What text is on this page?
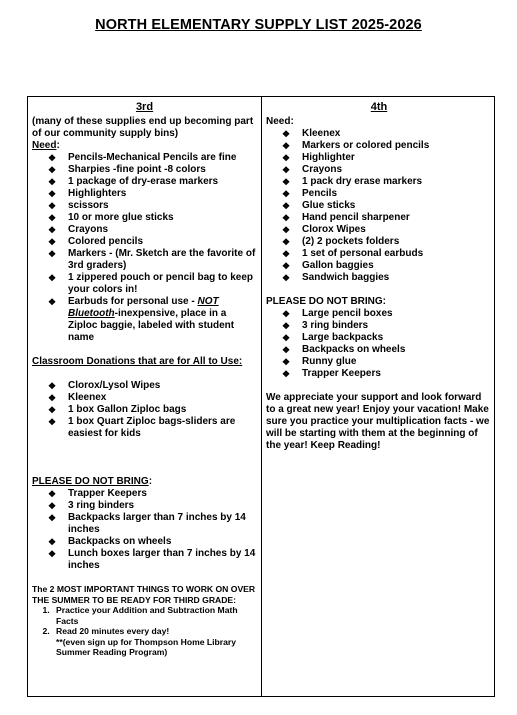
NORTH ELEMENTARY SUPPLY LIST 2025-2026
3rd
(many of these supplies end up becoming part of our community supply bins)
Need:
❖ Pencils-Mechanical Pencils are fine
❖ Sharpies -fine point -8 colors
❖ 1 package of dry-erase markers
❖ Highlighters
❖ scissors
❖ 10 or more glue sticks
❖ Crayons
❖ Colored pencils
❖ Markers - (Mr. Sketch are the favorite of 3rd graders)
❖ 1 zippered pouch or pencil bag to keep your colors in!
❖ Earbuds for personal use - NOT
Bluetooth-inexpensive, place in a Ziploc baggie, labeled with student name
Classroom Donations that are for All to Use:
❖ Clorox/Lysol Wipes
❖ Kleenex
❖ 1 box Gallon Ziploc bags
❖ 1 box Quart Ziploc bags-sliders are easiest for kids
PLEASE DO NOT BRING:
❖ Trapper Keepers
❖ 3 ring binders
❖ Backpacks larger than 7 inches by 14 inches
❖ Backpacks on wheels
❖ Lunch boxes larger than 7 inches by 14 inches
The 2 MOST IMPORTANT THINGS TO WORK ON OVER THE SUMMER TO BE READY FOR THIRD GRADE:
1. Practice your Addition and Subtraction Math Facts
2. Read 20 minutes every day!
**(even sign up for Thompson Home Library Summer Reading Program)
4th
Need:
❖ Kleenex
❖ Markers or colored pencils
❖ Highlighter
❖ Crayons
❖ 1 pack dry erase markers
❖ Pencils
❖ Glue sticks
❖ Hand pencil sharpener
❖ Clorox Wipes
❖ (2) 2 pockets folders
❖ 1 set of personal earbuds
❖ Gallon baggies
❖ Sandwich baggies
PLEASE DO NOT BRING:
❖ Large pencil boxes
❖ 3 ring binders
❖ Large backpacks
❖ Backpacks on wheels
❖ Runny glue
❖ Trapper Keepers
We appreciate your support and look forward to a great new year! Enjoy your vacation! Make sure you practice your multiplication facts - we will be starting with them at the beginning of the year! Keep Reading!
